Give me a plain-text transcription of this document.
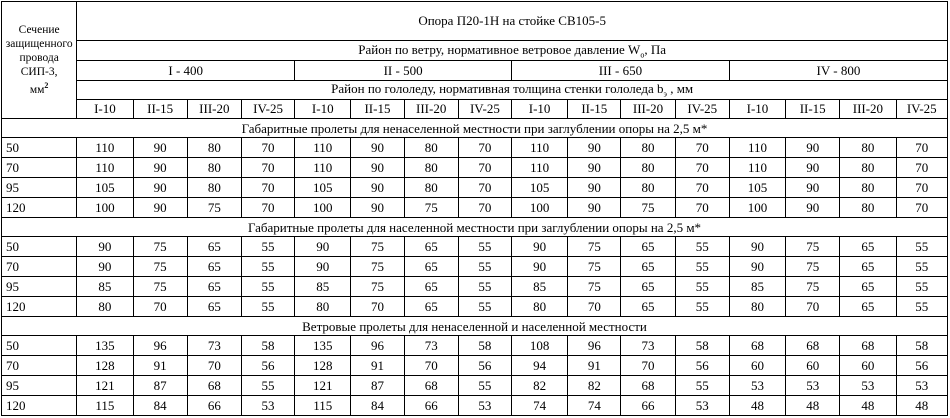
Сечение
защищенного
провода
СИП-3,
$мм^2$	Опора П20-1Н на стойке СВ105-5															
	Район по ветру, нормативное ветровое давление $W_о$, Па															
	I - 400				II - 500				III - 650				IV - 800			
	Район по гололеду, нормативная толщина стенки гололеда $b_э$ , мм															
	I-10	II-15	III-20	IV-25	I-10	II-15	III-20	IV-25	I-10	II-15	III-20	IV-25	I-10	II-15	III-20	IV-25
Габаритные пролеты для ненаселенной местности при заглублении опоры на 2,5 м*																
50	110	90	80	70	110	90	80	70	110	90	80	70	110	90	80	70
70	110	90	80	70	110	90	80	70	110	90	80	70	110	90	80	70
95	105	90	80	70	105	90	80	70	105	90	80	70	105	90	80	70
120	100	90	75	70	100	90	75	70	100	90	75	70	100	90	80	70
Габаритные пролеты для населенной местности при заглублении опоры на 2,5 м*																
50	90	75	65	55	90	75	65	55	90	75	65	55	90	75	65	55
70	90	75	65	55	90	75	65	55	90	75	65	55	90	75	65	55
95	85	75	65	55	85	75	65	55	85	75	65	55	85	75	65	55
120	80	70	65	55	80	70	65	55	80	70	65	55	80	70	65	55
Ветровые пролеты для ненаселенной и населенной местности																
50	135	96	73	58	135	96	73	58	108	96	73	58	68	68	68	58
70	128	91	70	56	128	91	70	56	94	91	70	56	60	60	60	56
95	121	87	68	55	121	87	68	55	82	82	68	55	53	53	53	53
120	115	84	66	53	115	84	66	53	74	74	66	53	48	48	48	48
